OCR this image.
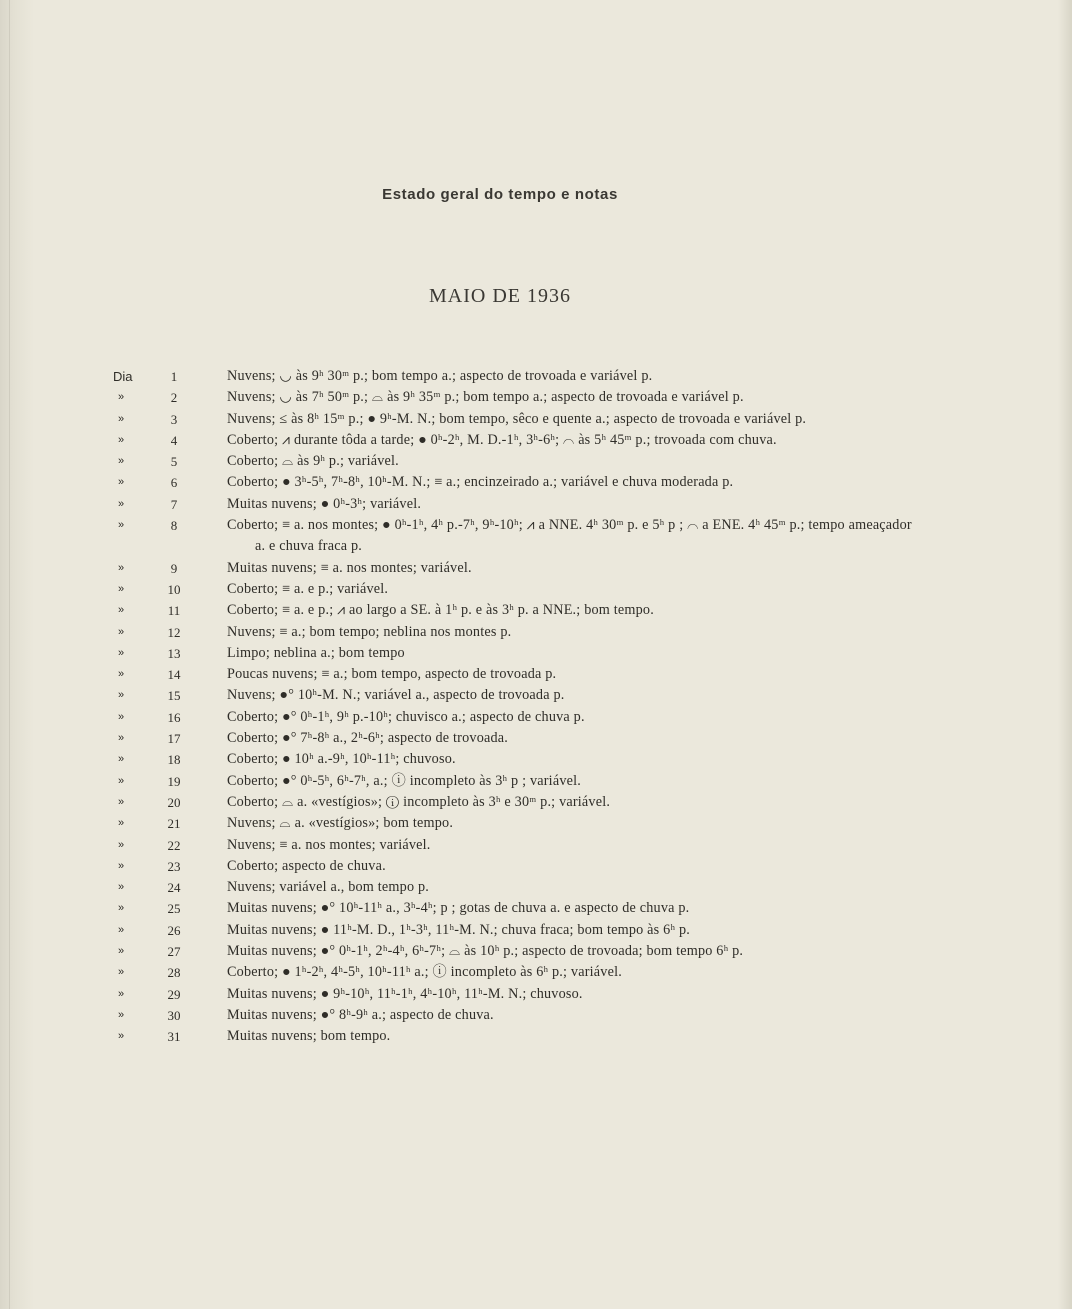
Estado geral do tempo e notas
MAIO DE 1936
Dia	1	Nuvens; ◡ às 9ʰ 30ᵐ p.; bom tempo a.; aspecto de trovoada e variável p.
»	2	Nuvens; ◡ às 7ʰ 50ᵐ p.; ⌓ às 9ʰ 35ᵐ p.; bom tempo a.; aspecto de trovoada e variável p.
»	3	Nuvens; ≤ às 8ʰ 15ᵐ p.; ● 9ʰ-M. N.; bom tempo, sêco e quente a.; aspecto de trovoada e variável p.
»	4	Coberto; ⩘ durante tôda a tarde; ● 0ʰ-2ʰ, M. D.-1ʰ, 3ʰ-6ʰ; ⌒ às 5ʰ 45ᵐ p.; trovoada com chuva.
»	5	Coberto; ⌓ às 9ʰ p.; variável.
»	6	Coberto; ● 3ʰ-5ʰ, 7ʰ-8ʰ, 10ʰ-M. N.; ≡ a.; encinzeirado a.; variável e chuva moderada p.
»	7	Muitas nuvens; ● 0ʰ-3ʰ; variável.
»	8	Coberto; ≡ a. nos montes; ● 0ʰ-1ʰ, 4ʰ p.-7ʰ, 9ʰ-10ʰ; ⩘ a NNE. 4ʰ 30ᵐ p. e 5ʰ p ; ⌒ a ENE. 4ʰ 45ᵐ p.; tempo ameaçador a. e chuva fraca p.
»	9	Muitas nuvens; ≡ a. nos montes; variável.
»	10	Coberto; ≡ a. e p.; variável.
»	11	Coberto; ≡ a. e p.; ⩘ ao largo a SE. à 1ʰ p. e às 3ʰ p. a NNE.; bom tempo.
»	12	Nuvens; ≡ a.; bom tempo; neblina nos montes p.
»	13	Limpo; neblina a.; bom tempo
»	14	Poucas nuvens; ≡ a.; bom tempo, aspecto de trovoada p.
»	15	Nuvens; ●° 10ʰ-M. N.; variável a., aspecto de trovoada p.
»	16	Coberto; ●° 0ʰ-1ʰ, 9ʰ p.-10ʰ; chuvisco a.; aspecto de chuva p.
»	17	Coberto; ●° 7ʰ-8ʰ a., 2ʰ-6ʰ; aspecto de trovoada.
»	18	Coberto; ● 10ʰ a.-9ʰ, 10ʰ-11ʰ; chuvoso.
»	19	Coberto; ●° 0ʰ-5ʰ, 6ʰ-7ʰ, a.; ⓘ incompleto às 3ʰ p ; variável.
»	20	Coberto; ⌓ a. «vestígios»; ⓘ incompleto às 3ʰ e 30ᵐ p.; variável.
»	21	Nuvens; ⌓ a. «vestígios»; bom tempo.
»	22	Nuvens; ≡ a. nos montes; variável.
»	23	Coberto; aspecto de chuva.
»	24	Nuvens; variável a., bom tempo p.
»	25	Muitas nuvens; ●° 10ʰ-11ʰ a., 3ʰ-4ʰ; p ; gotas de chuva a. e aspecto de chuva p.
»	26	Muitas nuvens; ● 11ʰ-M. D., 1ʰ-3ʰ, 11ʰ-M. N.; chuva fraca; bom tempo às 6ʰ p.
»	27	Muitas nuvens; ●° 0ʰ-1ʰ, 2ʰ-4ʰ, 6ʰ-7ʰ; ⌓ às 10ʰ p.; aspecto de trovoada; bom tempo 6ʰ p.
»	28	Coberto; ● 1ʰ-2ʰ, 4ʰ-5ʰ, 10ʰ-11ʰ a.; ⓘ incompleto às 6ʰ p.; variável.
»	29	Muitas nuvens; ● 9ʰ-10ʰ, 11ʰ-1ʰ, 4ʰ-10ʰ, 11ʰ-M. N.; chuvoso.
»	30	Muitas nuvens; ●° 8ʰ-9ʰ a.; aspecto de chuva.
»	31	Muitas nuvens; bom tempo.
